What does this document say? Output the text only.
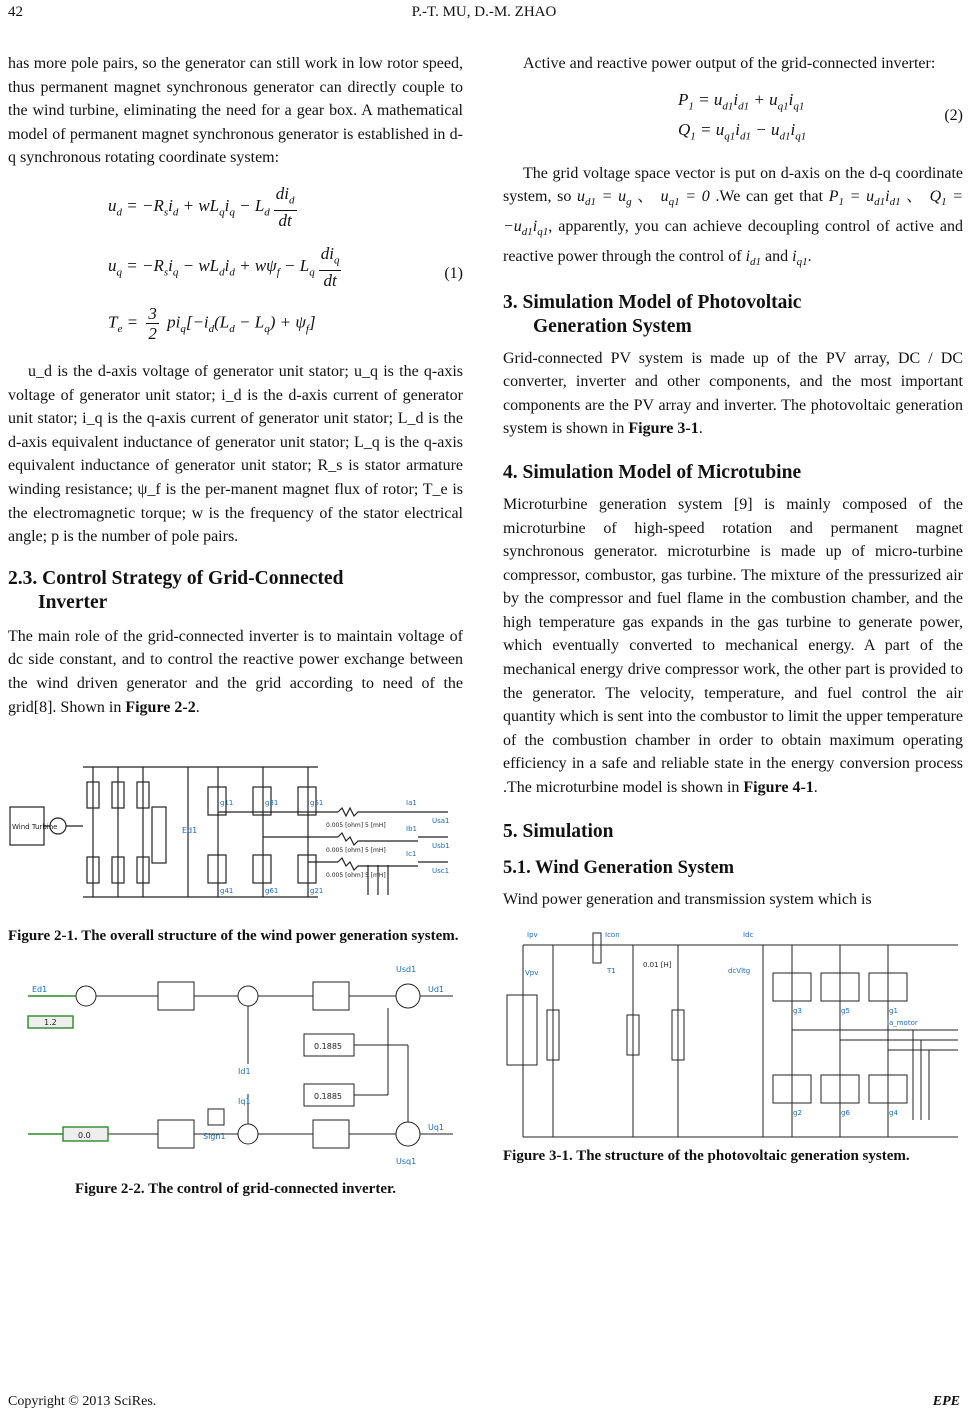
42	P.-T. MU, D.-M. ZHAO

has more pole pairs, so the generator can still work in low rotor speed, thus permanent magnet synchronous generator can directly couple to the wind turbine, eliminating the need for a gear box. A mathematical model of permanent magnet synchronous generator is established in d-q synchronous rotating coordinate system:

$u_d = -R_si_d + wL_qi_q - L_d \frac{di_d}{dt}$
$u_q = -R_si_q - wL_di_d + w\psi_f - L_q \frac{di_q}{dt}$
$T_e = \frac{3}{2} pi_q[-i_d(L_d - L_q) + \psi_f]$
(1)

u_d is the d-axis voltage of generator unit stator; u_q is the q-axis voltage of generator unit stator; i_d is the d-axis current of generator unit stator; i_q is the q-axis current of generator unit stator; L_d is the d-axis equivalent inductance of generator unit stator; L_q is the q-axis equivalent inductance of generator unit stator; R_s is stator armature winding resistance; ψ_f is the per-manent magnet flux of rotor; T_e is the electromagnetic torque; w is the frequency of the stator electrical angle; p is the number of pole pairs.

2.3. Control Strategy of Grid-Connected
Inverter

The main role of the grid-connected inverter is to maintain voltage of dc side constant, and to control the reactive power exchange between the wind driven generator and the grid according to need of the grid[8]. Shown in Figure 2-2.

Wind Turbine	Ed1
g11	g31	g51
g41	g61	g21
0.005 [ohm] 5 [mH]
0.005 [ohm] 5 [mH]
0.005 [ohm] 5 [mH]
Ia1
Ib1
Ic1
Usa1
Usb1
Usc1

Figure 2-1. The overall structure of the wind power generation system.

Ed1
1.2
0.0	Sign1
0.1885
0.1885
Ud1
Uq1
Usd1
Usq1
Id1
Iq1

Figure 2-2. The control of grid-connected inverter.

Active and reactive power output of the grid-connected inverter:

$P_1 = u_{d1}i_{d1} + u_{q1}i_{q1}$
$Q_1 = u_{q1}i_{d1} - u_{d1}i_{q1}$
(2)

The grid voltage space vector is put on d-axis on the d-q coordinate system, so $u_{d1} = u_g$ 、 $u_{q1} = 0$ .We can get that $P_1 = u_{d1}i_{d1}$ 、 $Q_1 = -u_{d1}i_{q1}$, apparently, you can achieve decoupling control of active and reactive power through the control of $i_{d1}$ and $i_{q1}$.

3. Simulation Model of Photovoltaic
Generation System

Grid-connected PV system is made up of the PV array, DC / DC converter, inverter and other components, and the most important components are the PV array and inverter. The photovoltaic generation system is shown in Figure 3-1.

4. Simulation Model of Microtubine

Microturbine generation system [9] is mainly composed of the microturbine of high-speed rotation and permanent magnet synchronous generator. microturbine is made up of micro-turbine compressor, combustor, gas turbine. The mixture of the pressurized air by the compressor and fuel flame in the combustion chamber, and the high temperature gas expands in the gas turbine to generate power, which eventually converted to mechanical energy. A part of the mechanical energy drive compressor work, the other part is provided to the generator. The velocity, temperature, and fuel control the air quantity which is sent into the combustor to limit the upper temperature of the combustion chamber in order to obtain maximum operating efficiency in a safe and reliable state in the energy conversion process .The microturbine model is shown in Figure 4-1.

5. Simulation
5.1. Wind Generation System

Wind power generation and transmission system which is

Ipv
Vpv
Icon
T1
0.01 [H]
Idc
dcVltg
g3	g5	g1
g2	g6	g4
la_motor

Figure 3-1. The structure of the photovoltaic generation system.

Copyright © 2013 SciRes.	EPE
